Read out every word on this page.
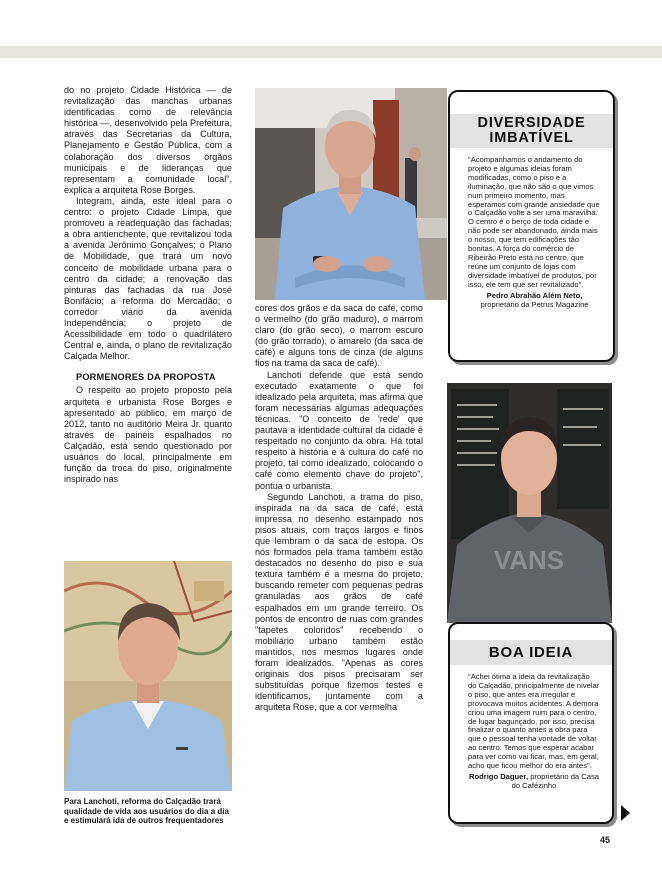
do no projeto Cidade Histórica — de revitalização das manchas urbanas identificadas como de relevância histórica —, desenvolvido pela Prefeitura, através das Secretarias da Cultura, Planejamento e Gestão Pública, com a colaboração dos diversos órgãos municipais e de lideranças que representam a comunidade local", explica a arquiteta Rose Borges.

Integram, ainda, este ideal para o centro: o projeto Cidade Limpa, que promoveu a readequação das fachadas; a obra antienchente, que revitalizou toda a avenida Jerônimo Gonçalves; o Plano de Mobilidade, que trará um novo conceito de mobilidade urbana para o centro da cidade; a renovação das pinturas das fachadas da rua José Bonifácio; a reforma do Mercadão; o corredor viário da avenida Independência; o projeto de Acessibilidade em todo o quadrilátero Central e, ainda, o plano de revitalização Calçada Melhor.

PORMENORES DA PROPOSTA

O respeito ao projeto proposto pela arquiteta e urbanista Rose Borges e apresentado ao público, em março de 2012, tanto no auditório Meira Jr. quanto através de painéis espalhados no Calçadão, está sendo questionado por usuários do local, principalmente em função da troca do piso, originalmente inspirado nas

cores dos grãos e da saca do café, como o vermelho (do grão maduro), o marrom claro (do grão seco), o marrom escuro (do grão torrado), o amarelo (da saca de café) e alguns tons de cinza (de alguns fios na trama da saca de café).

Lanchoti defende que está sendo executado exatamente o que foi idealizado pela arquiteta, mas afirma que foram necessárias algumas adequações técnicas. "O conceito de 'rede' que pautava a identidade cultural da cidade é respeitado no conjunto da obra. Há total respeito à história e à cultura do café no projeto, tal como idealizado, colocando o café como elemento chave do projeto", pontua o urbanista.

Segundo Lanchoti, a trama do piso, inspirada na da saca de café, está impressa no desenho estampado nos pisos atuais, com traços largos e finos que lembram o da saca de estopa. Os nós formados pela trama também estão destacados no desenho do piso e sua textura também é a mesma do projeto, buscando remeter com pequenas pedras granuladas aos grãos de café espalhados em um grande terreiro. Os pontos de encontro de ruas com grandes "tapetes coloridos" recebendo o mobiliário urbano também estão mantidos, nos mesmos lugares onde foram idealizados. "Apenas as cores originais dos pisos precisaram ser substituídas porque fizemos testes e identificamos, juntamente com a arquiteta Rose, que a cor vermelha

VANS
Para Lanchoti, reforma do Calçadão trará qualidade de vida aos usuários do dia a dia e estimulará ida de outros frequentadores
DIVERSIDADE
IMBATÍVEL
"Acompanhamos o andamento do projeto e algumas ideias foram modificadas, como o piso e a iluminação, que não são o que vimos num primeiro momento, mas esperamos com grande ansiedade que o Calçadão volte a ser uma maravilha. O centro é o berço de toda cidade e não pode ser abandonado, ainda mais o nosso, que tem edificações tão bonitas. A força do comércio de Ribeirão Preto está no centro, que reúne um conjunto de lojas com diversidade imbatível de produtos, por isso, ele tem que ser revitalizado".
Pedro Abrahão Além Neto,
proprietário da Petrus Magazine
BOA IDEIA
"Achei ótima a ideia da revitalização do Calçadão, principalmente de nivelar o piso, que antes era irregular e provocava muitos acidentes. A demora criou uma imagem ruim para o centro, de lugar bagunçado, por isso, precisa finalizar o quanto antes a obra para que o pessoal tenha vontade de voltar ao centro. Temos que esperar acabar para ver como vai ficar, mas, em geral, acho que ficou melhor do era antes".
Rodrigo Daguer, proprietário da Casa do Cafézinho
45
